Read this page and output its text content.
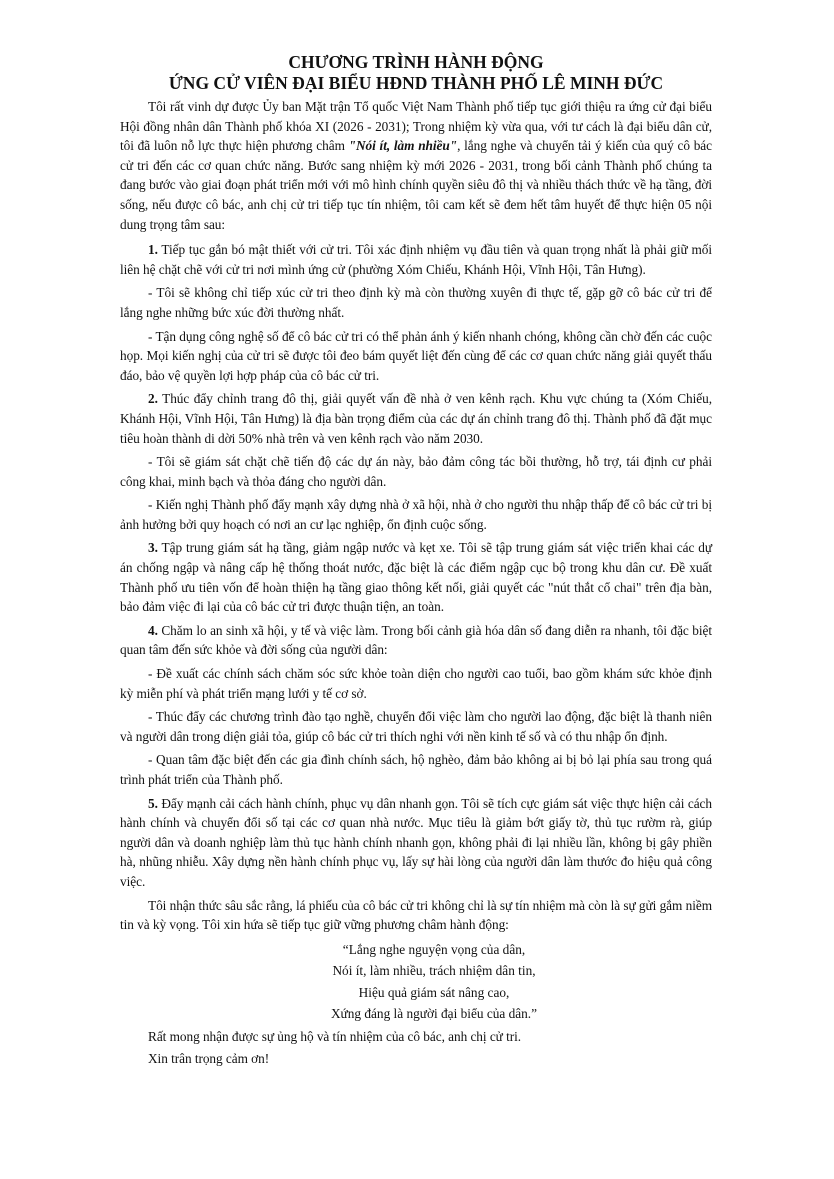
CHƯƠNG TRÌNH HÀNH ĐỘNG
ỨNG CỬ VIÊN ĐẠI BIỂU HĐND THÀNH PHỐ LÊ MINH ĐỨC

Tôi rất vinh dự được Ủy ban Mặt trận Tổ quốc Việt Nam Thành phố tiếp tục giới thiệu ra ứng cử đại biểu Hội đồng nhân dân Thành phố khóa XI (2026 - 2031); Trong nhiệm kỳ vừa qua, với tư cách là đại biểu dân cử, tôi đã luôn nỗ lực thực hiện phương châm "Nói ít, làm nhiều", lắng nghe và chuyển tải ý kiến của quý cô bác cử tri đến các cơ quan chức năng. Bước sang nhiệm kỳ mới 2026 - 2031, trong bối cảnh Thành phố chúng ta đang bước vào giai đoạn phát triển mới với mô hình chính quyền siêu đô thị và nhiều thách thức về hạ tầng, đời sống, nếu được cô bác, anh chị cử tri tiếp tục tín nhiệm, tôi cam kết sẽ đem hết tâm huyết để thực hiện 05 nội dung trọng tâm sau:

1. Tiếp tục gắn bó mật thiết với cử tri. Tôi xác định nhiệm vụ đầu tiên và quan trọng nhất là phải giữ mối liên hệ chặt chẽ với cử tri nơi mình ứng cử (phường Xóm Chiếu, Khánh Hội, Vĩnh Hội, Tân Hưng).

- Tôi sẽ không chỉ tiếp xúc cử tri theo định kỳ mà còn thường xuyên đi thực tế, gặp gỡ cô bác cử tri để lắng nghe những bức xúc đời thường nhất.

- Tận dụng công nghệ số để cô bác cử tri có thể phản ánh ý kiến nhanh chóng, không cần chờ đến các cuộc họp. Mọi kiến nghị của cử tri sẽ được tôi đeo bám quyết liệt đến cùng để các cơ quan chức năng giải quyết thấu đáo, bảo vệ quyền lợi hợp pháp của cô bác cử tri.

2. Thúc đẩy chỉnh trang đô thị, giải quyết vấn đề nhà ở ven kênh rạch. Khu vực chúng ta (Xóm Chiếu, Khánh Hội, Vĩnh Hội, Tân Hưng) là địa bàn trọng điểm của các dự án chỉnh trang đô thị. Thành phố đã đặt mục tiêu hoàn thành di dời 50% nhà trên và ven kênh rạch vào năm 2030.

- Tôi sẽ giám sát chặt chẽ tiến độ các dự án này, bảo đảm công tác bồi thường, hỗ trợ, tái định cư phải công khai, minh bạch và thỏa đáng cho người dân.

- Kiến nghị Thành phố đẩy mạnh xây dựng nhà ở xã hội, nhà ở cho người thu nhập thấp để cô bác cử tri bị ảnh hưởng bởi quy hoạch có nơi an cư lạc nghiệp, ổn định cuộc sống.

3. Tập trung giám sát hạ tầng, giảm ngập nước và kẹt xe. Tôi sẽ tập trung giám sát việc triển khai các dự án chống ngập và nâng cấp hệ thống thoát nước, đặc biệt là các điểm ngập cục bộ trong khu dân cư. Đề xuất Thành phố ưu tiên vốn để hoàn thiện hạ tầng giao thông kết nối, giải quyết các "nút thắt cổ chai" trên địa bàn, bảo đảm việc đi lại của cô bác cử tri được thuận tiện, an toàn.

4. Chăm lo an sinh xã hội, y tế và việc làm. Trong bối cảnh già hóa dân số đang diễn ra nhanh, tôi đặc biệt quan tâm đến sức khỏe và đời sống của người dân:

- Đề xuất các chính sách chăm sóc sức khỏe toàn diện cho người cao tuổi, bao gồm khám sức khỏe định kỳ miễn phí và phát triển mạng lưới y tế cơ sở.

- Thúc đẩy các chương trình đào tạo nghề, chuyển đổi việc làm cho người lao động, đặc biệt là thanh niên và người dân trong diện giải tỏa, giúp cô bác cử tri thích nghi với nền kinh tế số và có thu nhập ổn định.

- Quan tâm đặc biệt đến các gia đình chính sách, hộ nghèo, đảm bảo không ai bị bỏ lại phía sau trong quá trình phát triển của Thành phố.

5. Đẩy mạnh cải cách hành chính, phục vụ dân nhanh gọn. Tôi sẽ tích cực giám sát việc thực hiện cải cách hành chính và chuyển đổi số tại các cơ quan nhà nước. Mục tiêu là giảm bớt giấy tờ, thủ tục rườm rà, giúp người dân và doanh nghiệp làm thủ tục hành chính nhanh gọn, không phải đi lại nhiều lần, không bị gây phiền hà, nhũng nhiễu. Xây dựng nền hành chính phục vụ, lấy sự hài lòng của người dân làm thước đo hiệu quả công việc.

Tôi nhận thức sâu sắc rằng, lá phiếu của cô bác cử tri không chỉ là sự tín nhiệm mà còn là sự gửi gắm niềm tin và kỳ vọng. Tôi xin hứa sẽ tiếp tục giữ vững phương châm hành động:

“Lắng nghe nguyện vọng của dân,
Nói ít, làm nhiều, trách nhiệm dân tin,
Hiệu quả giám sát nâng cao,
Xứng đáng là người đại biểu của dân.”

Rất mong nhận được sự ủng hộ và tín nhiệm của cô bác, anh chị cử tri.

Xin trân trọng cảm ơn!
